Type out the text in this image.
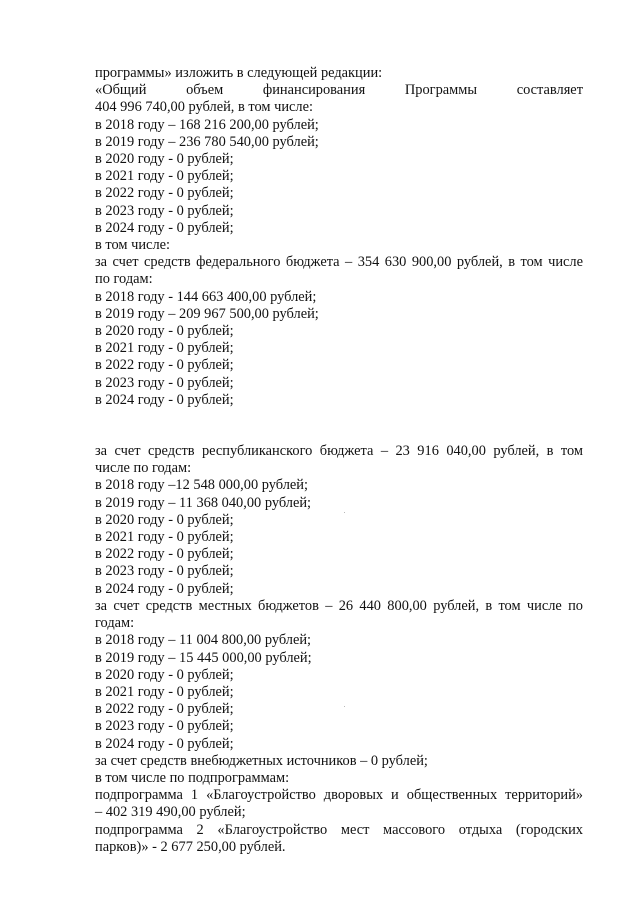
программы» изложить в следующей редакции:
«Общий объем финансирования Программы составляет
404 996 740,00 рублей, в том числе:
в 2018 году – 168 216 200,00 рублей;
в 2019 году – 236 780 540,00 рублей;
в 2020 году - 0 рублей;
в 2021 году - 0 рублей;
в 2022 году - 0 рублей;
в 2023 году - 0 рублей;
в 2024 году - 0 рублей;
в том числе:
за счет средств федерального бюджета – 354 630 900,00 рублей, в том числе
по годам:
в 2018 году - 144 663 400,00 рублей;
в 2019 году – 209 967 500,00 рублей;
в 2020 году - 0 рублей;
в 2021 году - 0 рублей;
в 2022 году - 0 рублей;
в 2023 году - 0 рублей;
в 2024 году - 0 рублей;
за счет средств республиканского бюджета – 23 916 040,00 рублей, в том
числе по годам:
в 2018 году –12 548 000,00 рублей;
в 2019 году – 11 368 040,00 рублей;
в 2020 году - 0 рублей;
в 2021 году - 0 рублей;
в 2022 году - 0 рублей;
в 2023 году - 0 рублей;
в 2024 году - 0 рублей;
за счет средств местных бюджетов – 26 440 800,00 рублей, в том числе по
годам:
в 2018 году – 11 004 800,00 рублей;
в 2019 году – 15 445 000,00 рублей;
в 2020 году - 0 рублей;
в 2021 году - 0 рублей;
в 2022 году - 0 рублей;
в 2023 году - 0 рублей;
в 2024 году - 0 рублей;
за счет средств внебюджетных источников – 0 рублей;
в том числе по подпрограммам:
подпрограмма 1 «Благоустройство дворовых и общественных территорий»
– 402 319 490,00 рублей;
подпрограмма 2 «Благоустройство мест массового отдыха (городских
парков)» - 2 677 250,00 рублей.
